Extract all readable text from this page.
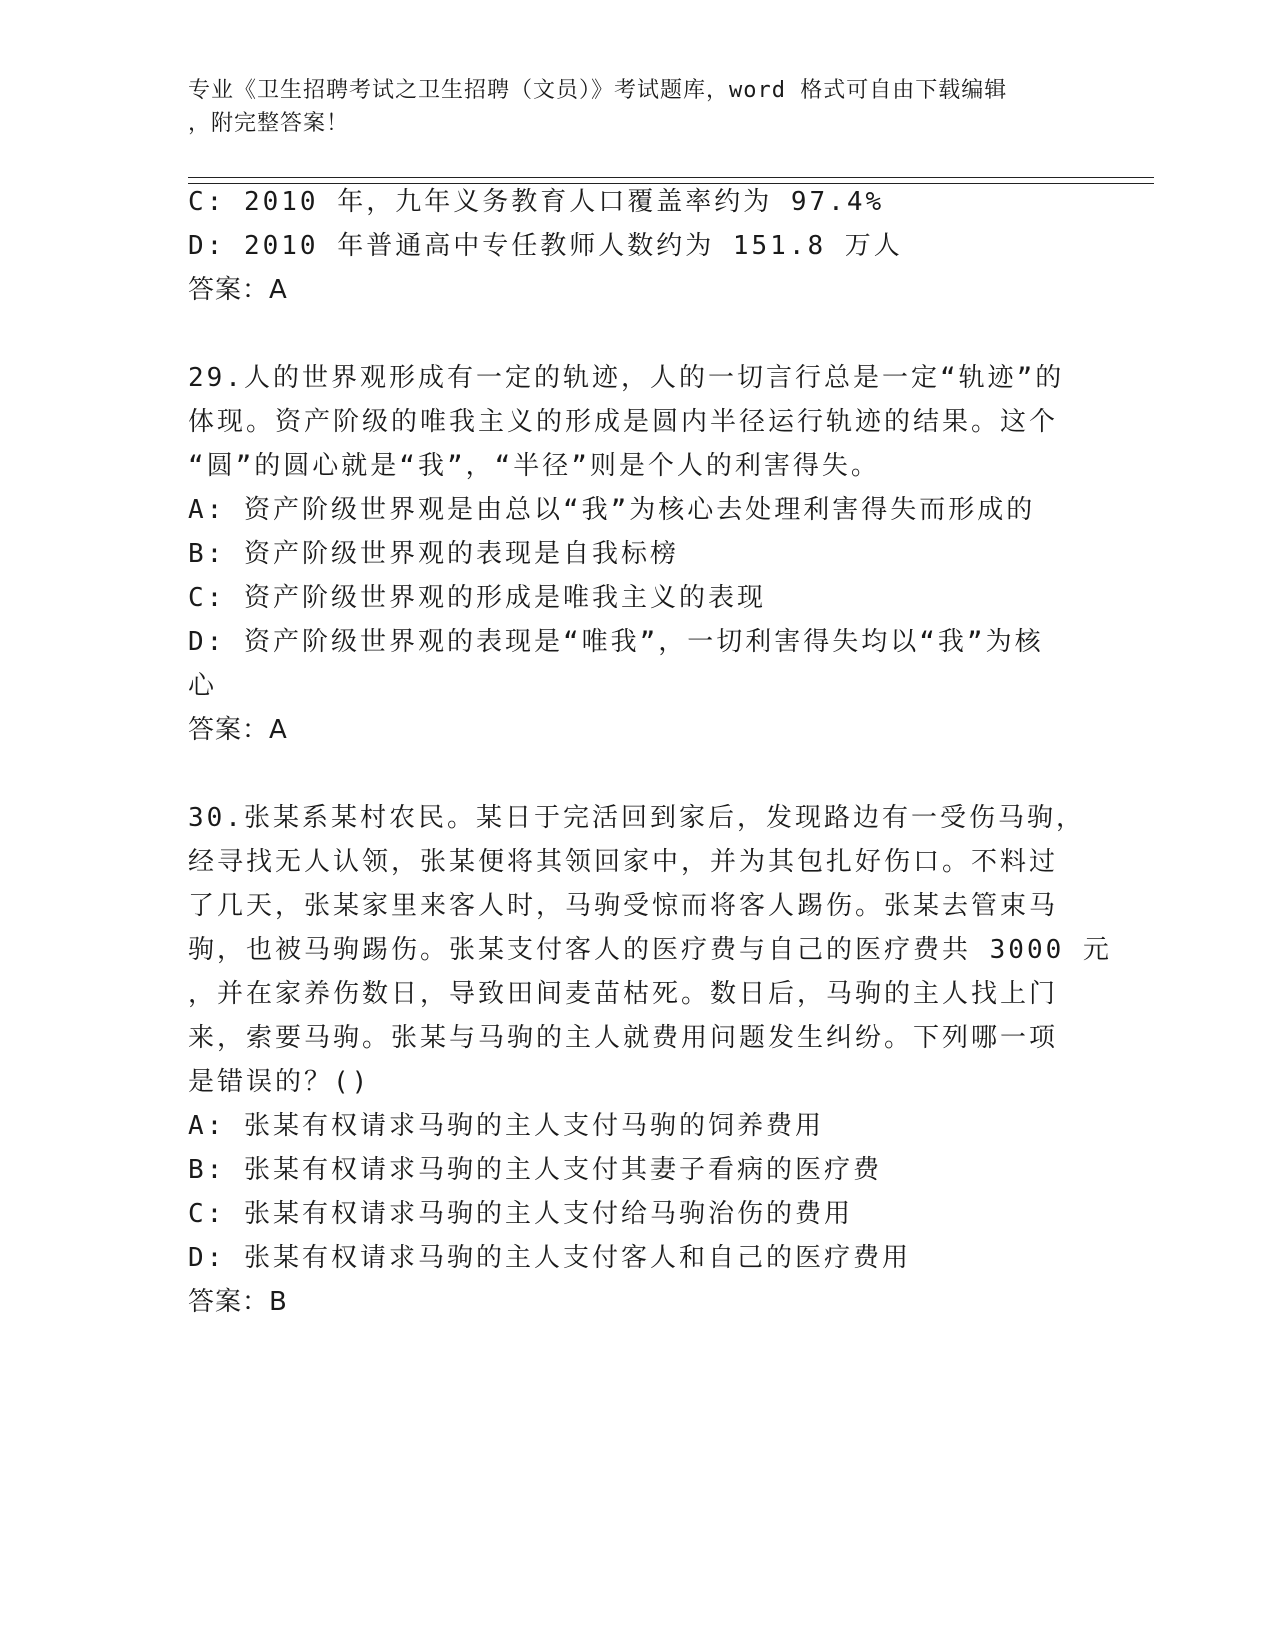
专业《卫生招聘考试之卫生招聘（文员）》考试题库，word 格式可自由下载编辑
，附完整答案！
C: 2010 年，九年义务教育人口覆盖率约为 97.4%
D: 2010 年普通高中专任教师人数约为 151.8 万人
答案：A
29.人的世界观形成有一定的轨迹，人的一切言行总是一定“轨迹”的
体现。资产阶级的唯我主义的形成是圆内半径运行轨迹的结果。这个
“圆”的圆心就是“我”，“半径”则是个人的利害得失。
A: 资产阶级世界观是由总以“我”为核心去处理利害得失而形成的
B: 资产阶级世界观的表现是自我标榜
C: 资产阶级世界观的形成是唯我主义的表现
D: 资产阶级世界观的表现是“唯我”，一切利害得失均以“我”为核
心
答案：A
30.张某系某村农民。某日于完活回到家后，发现路边有一受伤马驹，
经寻找无人认领，张某便将其领回家中，并为其包扎好伤口。不料过
了几天，张某家里来客人时，马驹受惊而将客人踢伤。张某去管束马
驹，也被马驹踢伤。张某支付客人的医疗费与自己的医疗费共 3000 元
，并在家养伤数日，导致田间麦苗枯死。数日后，马驹的主人找上门
来，索要马驹。张某与马驹的主人就费用问题发生纠纷。下列哪一项
是错误的？()
A: 张某有权请求马驹的主人支付马驹的饲养费用
B: 张某有权请求马驹的主人支付其妻子看病的医疗费
C: 张某有权请求马驹的主人支付给马驹治伤的费用
D: 张某有权请求马驹的主人支付客人和自己的医疗费用
答案：B
